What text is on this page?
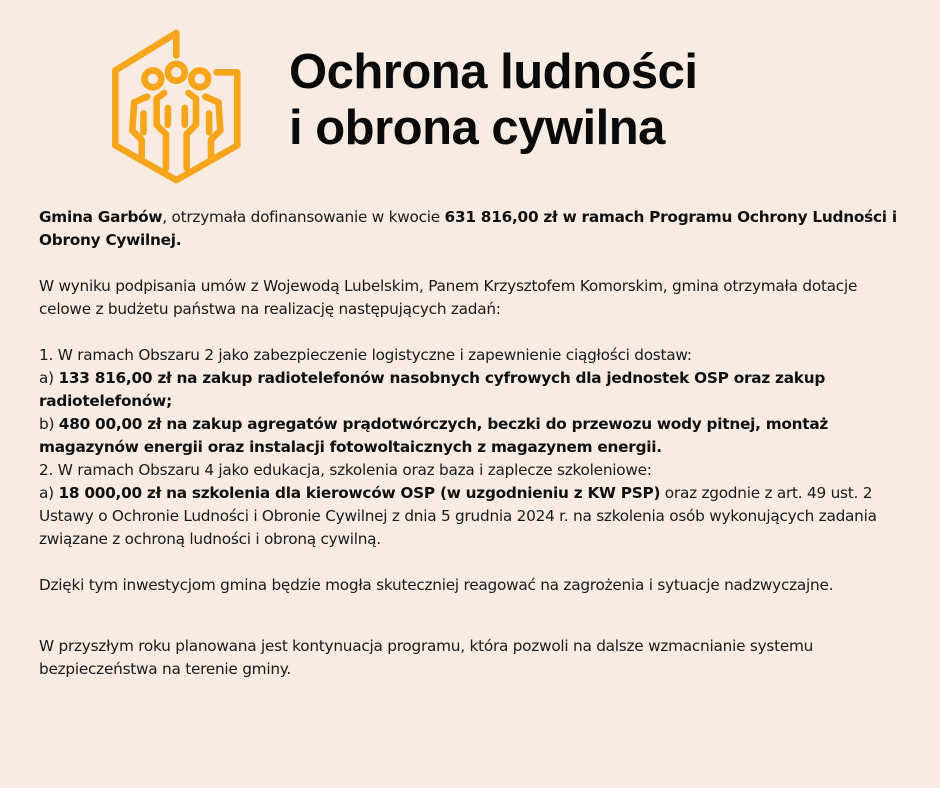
Ochrona ludności
i obrona cywilna

Gmina Garbów, otrzymała dofinansowanie w kwocie 631 816,00 zł w ramach Programu Ochrony Ludności i Obrony Cywilnej.

W wyniku podpisania umów z Wojewodą Lubelskim, Panem Krzysztofem Komorskim, gmina otrzymała dotacje celowe z budżetu państwa na realizację następujących zadań:

1. W ramach Obszaru 2 jako zabezpieczenie logistyczne i zapewnienie ciągłości dostaw:

a) 133 816,00 zł na zakup radiotelefonów nasobnych cyfrowych dla jednostek OSP oraz zakup radiotelefonów;

b) 480 00,00 zł na zakup agregatów prądotwórczych, beczki do przewozu wody pitnej, montaż magazynów energii oraz instalacji fotowoltaicznych z magazynem energii.

2. W ramach Obszaru 4 jako edukacja, szkolenia oraz baza i zaplecze szkoleniowe:

a) 18 000,00 zł na szkolenia dla kierowców OSP (w uzgodnieniu z KW PSP) oraz zgodnie z art. 49 ust. 2 Ustawy o Ochronie Ludności i Obronie Cywilnej z dnia 5 grudnia 2024 r. na szkolenia osób wykonujących zadania związane z ochroną ludności i obroną cywilną.

Dzięki tym inwestycjom gmina będzie mogła skuteczniej reagować na zagrożenia i sytuacje nadzwyczajne.

W przyszłym roku planowana jest kontynuacja programu, która pozwoli na dalsze wzmacnianie systemu bezpieczeństwa na terenie gminy.
